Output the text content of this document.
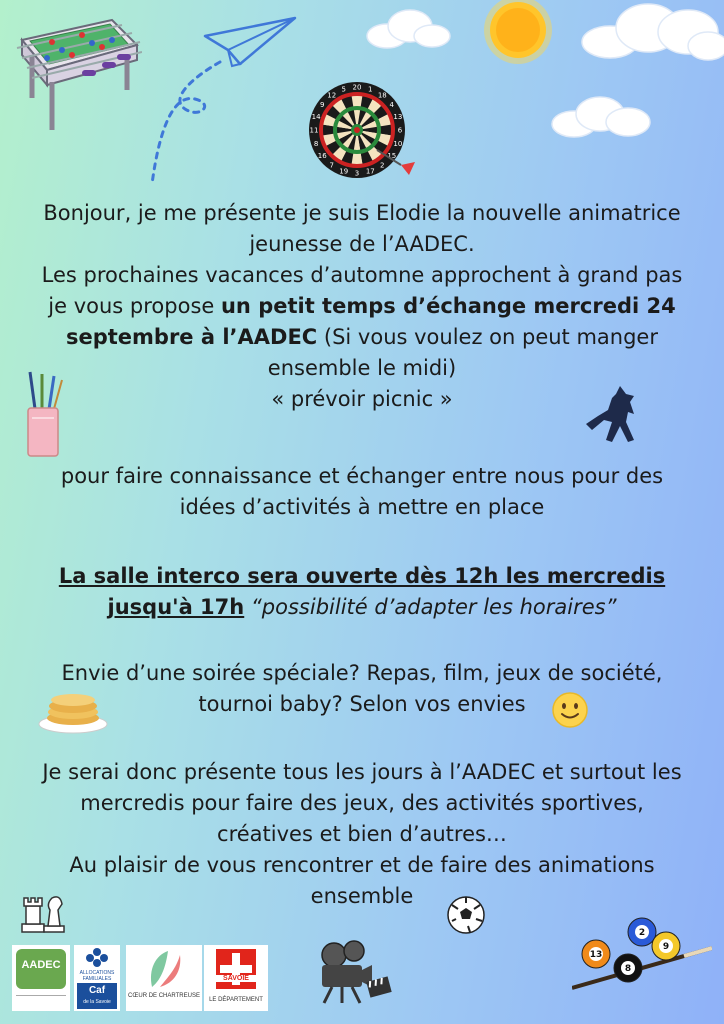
20 1
18
4
13
6
10
15
2
17
3
19
7
16
8
11
14
9
12
5
13
2
9
8
Bonjour, je me présente je suis Elodie la nouvelle animatrice
jeunesse de l’AADEC.
Les prochaines vacances d’automne approchent à grand pas
je vous propose un petit temps d’échange mercredi 24
septembre à l’AADEC (Si vous voulez on peut manger
ensemble le midi)
« prévoir picnic »
pour faire connaissance et échanger entre nous pour des
idées d’activités à mettre en place
La salle interco sera ouverte dès 12h les mercredis
jusqu'à 17h “possibilité d’adapter les horaires”
Envie d’une soirée spéciale? Repas, film, jeux de société,
tournoi baby? Selon vos envies
Je serai donc présente tous les jours à l’AADEC et surtout les
mercredis pour faire des jeux, des activités sportives,
créatives et bien d’autres…
Au plaisir de vous rencontrer et de faire des animations
ensemble
AADEC
ALLOCATIONS
FAMILIALES
Caf
de la Savoie
CŒUR DE CHARTREUSE
SAVOIE
LE DÉPARTEMENT
